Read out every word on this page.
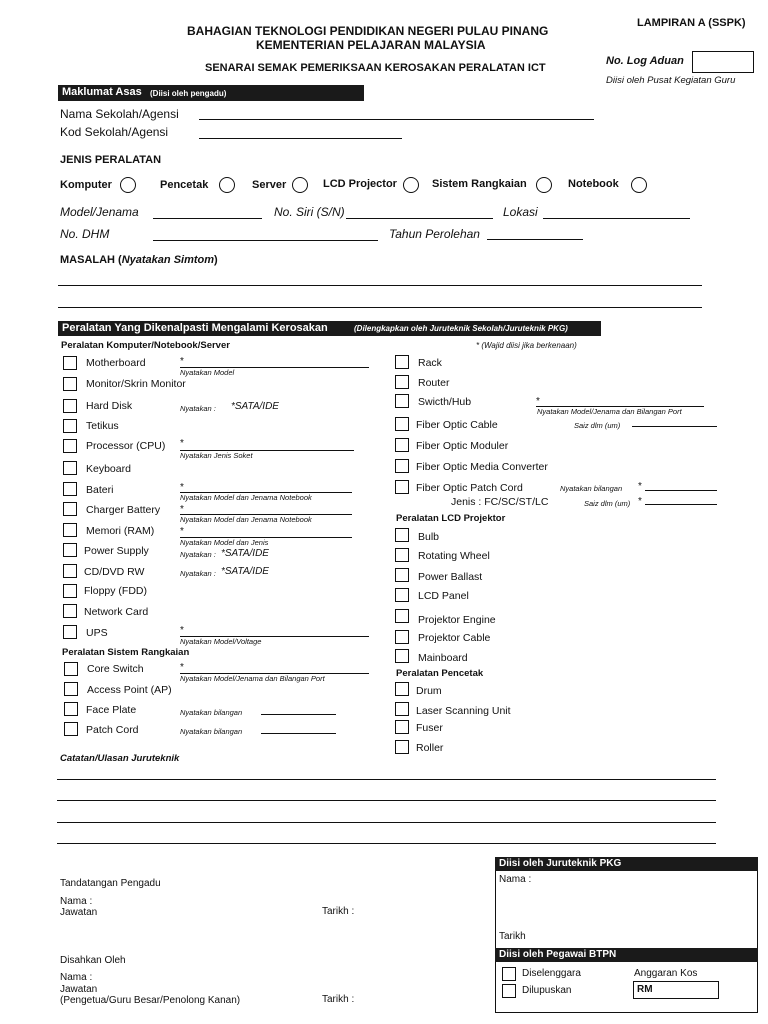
BAHAGIAN TEKNOLOGI PENDIDIKAN NEGERI PULAU PINANG
KEMENTERIAN PELAJARAN MALAYSIA
SENARAI SEMAK PEMERIKSAAN KEROSAKAN PERALATAN ICT
LAMPIRAN A (SSPK)
No. Log Aduan
Diisi oleh Pusat Kegiatan Guru
Maklumat Asas (Diisi oleh pengadu)
Nama Sekolah/Agensi
Kod Sekolah/Agensi
JENIS PERALATAN
Komputer	Pencetak	Server	LCD Projector	Sistem Rangkaian	Notebook
Model/Jenama	No. Siri (S/N)	Lokasi
No. DHM	Tahun Perolehan
MASALAH (Nyatakan Simtom)
Peralatan Yang Dikenalpasti Mengalami Kerosakan	(Dilengkapkan oleh Juruteknik Sekolah/Juruteknik PKG)
Peralatan Komputer/Notebook/Server	* (Wajid diisi jika berkenaan)
Motherboard	*
Nyatakan Model
Monitor/Skrin Monitor
Hard Disk	Nyatakan : *SATA/IDE
Tetikus
Processor (CPU) *
Nyatakan Jenis Soket
Keyboard
Bateri	*
Nyatakan Model dan Jenama Notebook
Charger Battery *
Nyatakan Model dan Jenama Notebook
Memori (RAM)	*
Nyatakan Model dan Jenis
Power Supply	Nyatakan : *SATA/IDE
CD/DVD RW	Nyatakan : *SATA/IDE
Floppy (FDD)
Network Card
UPS	*
Nyatakan Model/Voltage
Peralatan Sistem Rangkaian
Core Switch	*
Nyatakan Model/Jenama dan Bilangan Port
Access Point (AP)
Face Plate	Nyatakan bilangan
Patch Cord	Nyatakan bilangan
Rack
Router
Swicth/Hub	*
Nyatakan Model/Jenama dan Bilangan Port
Fiber Optic Cable	Saiz dlm (um)
Fiber Optic Moduler
Fiber Optic Media Converter
Fiber Optic Patch Cord
Jenis : FC/SC/ST/LC
Nyatakan bilangan *
Saiz dlm (um) *
Peralatan LCD Projektor
Bulb
Rotating Wheel
Power Ballast
LCD Panel
Projektor Engine
Projektor Cable
Mainboard
Peralatan Pencetak
Drum
Laser Scanning Unit
Fuser
Roller
Catatan/Ulasan Juruteknik
Tandatangan Pengadu
Nama :
Jawatan	Tarikh :
Disahkan Oleh
Nama :
Jawatan
(Pengetua/Guru Besar/Penolong Kanan)	Tarikh :
Diisi oleh Juruteknik PKG
Nama :
Tarikh
Diisi oleh Pegawai BTPN
Diselenggara
Dilupuskan
Anggaran Kos
RM
